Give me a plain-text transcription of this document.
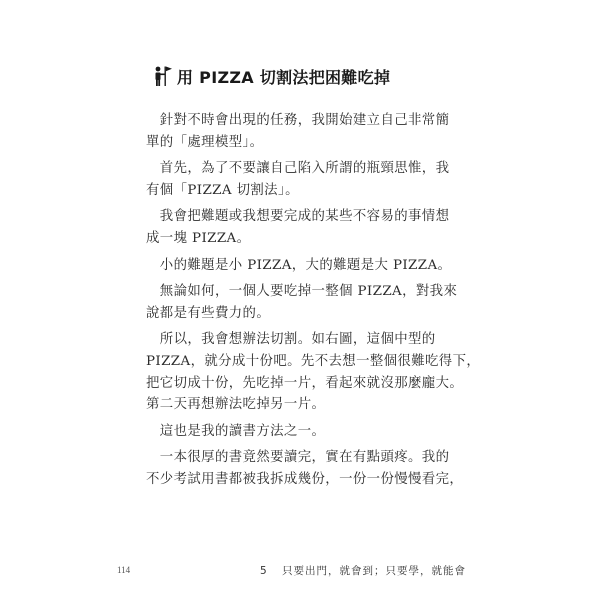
用 PIZZA 切割法把困難吃掉
　針對不時會出現的任務，我開始建立自己非常簡
單的「處理模型」。
　首先，為了不要讓自己陷入所謂的瓶頸思惟，我
有個「PIZZA 切割法」。
　我會把難題或我想要完成的某些不容易的事情想
成一塊 PIZZA。
　小的難題是小 PIZZA，大的難題是大 PIZZA。
　無論如何，一個人要吃掉一整個 PIZZA，對我來
說都是有些費力的。
　所以，我會想辦法切割。如右圖，這個中型的
PIZZA，就分成十份吧。先不去想一整個很難吃得下，
把它切成十份，先吃掉一片，看起來就沒那麼龐大。
第二天再想辦法吃掉另一片。
　這也是我的讀書方法之一。
　一本很厚的書竟然要讀完，實在有點頭疼。我的
不少考試用書都被我拆成幾份，一份一份慢慢看完，
114	5 只要出門，就會到；只要學，就能會
